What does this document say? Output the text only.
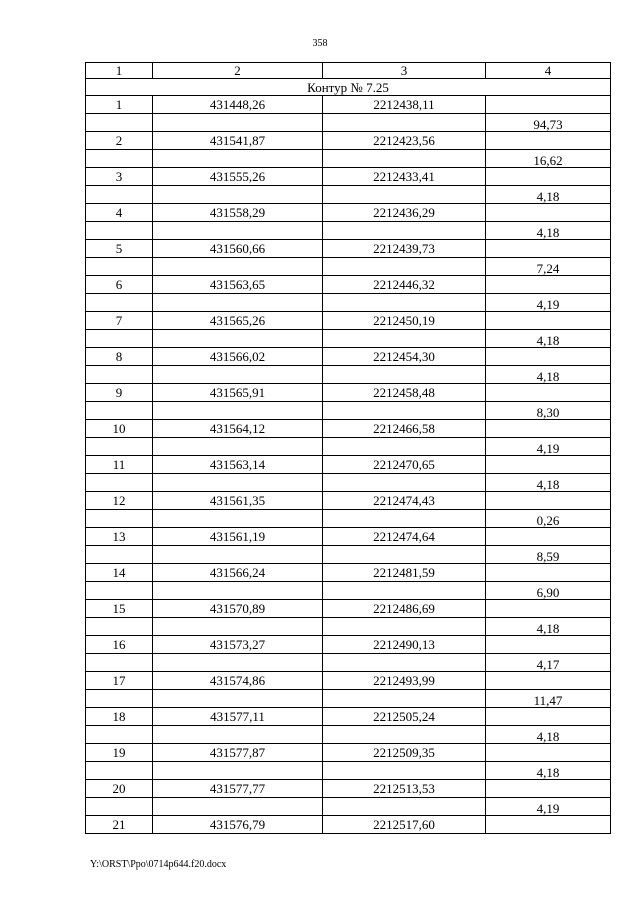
358
1	2	3	4
Контур № 7.25			
1	431448,26	2212438,11	
			94,73
2	431541,87	2212423,56	
			16,62
3	431555,26	2212433,41	
			4,18
4	431558,29	2212436,29	
			4,18
5	431560,66	2212439,73	
			7,24
6	431563,65	2212446,32	
			4,19
7	431565,26	2212450,19	
			4,18
8	431566,02	2212454,30	
			4,18
9	431565,91	2212458,48	
			8,30
10	431564,12	2212466,58	
			4,19
11	431563,14	2212470,65	
			4,18
12	431561,35	2212474,43	
			0,26
13	431561,19	2212474,64	
			8,59
14	431566,24	2212481,59	
			6,90
15	431570,89	2212486,69	
			4,18
16	431573,27	2212490,13	
			4,17
17	431574,86	2212493,99	
			11,47
18	431577,11	2212505,24	
			4,18
19	431577,87	2212509,35	
			4,18
20	431577,77	2212513,53	
			4,19
21	431576,79	2212517,60	
Y:\ORST\Ppo\0714p644.f20.docx
